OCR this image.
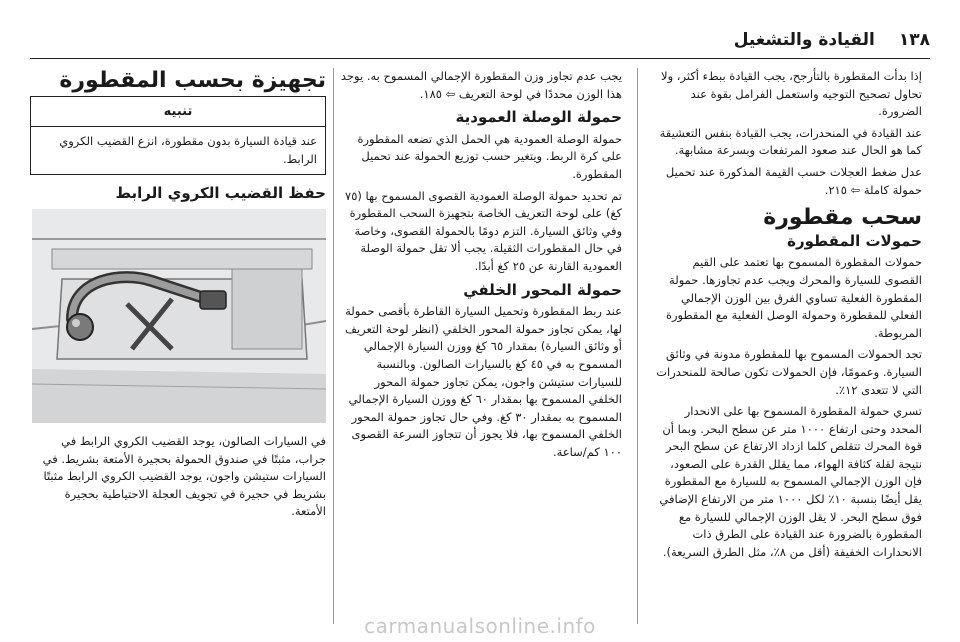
١٣٨
القيادة والتشغيل

إذا بدأت المقطورة بالتأرجح، يجب القيادة ببطء أكثر، ولا تحاول تصحيح التوجيه واستعمل الفرامل بقوة عند الضرورة.

عند القيادة في المنحدرات، يجب القيادة بنفس التعشيقة كما هو الحال عند صعود المرتفعات وبسرعة مشابهة.

عدل ضغط العجلات حسب القيمة المذكورة عند تحميل حمولة كاملة ⇦ ٢١٥.

سحب مقطورة
حمولات المقطورة

حمولات المقطورة المسموح بها تعتمد على القيم القصوى للسيارة والمحرك ويجب عدم تجاوزها. حمولة المقطورة الفعلية تساوي الفرق بين الوزن الإجمالي الفعلي للمقطورة وحمولة الوصل الفعلية مع المقطورة المربوطة.

تجد الحمولات المسموح بها للمقطورة مدونة في وثائق السيارة. وعمومًا، فإن الحمولات تكون صالحة للمنحدرات التي لا تتعدى ١٢٪.

تسري حمولة المقطورة المسموح بها على الانحدار المحدد وحتى ارتفاع ١٠٠٠ متر عن سطح البحر. وبما أن قوة المحرك تتقلص كلما ازداد الارتفاع عن سطح البحر نتيجة لقلة كثافة الهواء، مما يقلل القدرة على الصعود، فإن الوزن الإجمالي المسموح به للسيارة مع المقطورة يقل أيضًا بنسبة ١٠٪ لكل ١٠٠٠ متر من الارتفاع الإضافي فوق سطح البحر. لا يقل الوزن الإجمالي للسيارة مع المقطورة بالضرورة عند القيادة على الطرق ذات الانحدارات الخفيفة (أقل من ٨٪، مثل الطرق السريعة).

يجب عدم تجاوز وزن المقطورة الإجمالي المسموح به. يوجد هذا الوزن محددًا في لوحة التعريف ⇦ ١٨٥.

حمولة الوصلة العمودية

حمولة الوصلة العمودية هي الحمل الذي تضعه المقطورة على كرة الربط. ويتغير حسب توزيع الحمولة عند تحميل المقطورة.

تم تحديد حمولة الوصلة العمودية القصوى المسموح بها (٧٥ كغ) على لوحة التعريف الخاصة بتجهيزة السحب المقطورة وفي وثائق السيارة. التزم دومًا بالحمولة القصوى، وخاصة في حال المقطورات الثقيلة. يجب ألا تقل حمولة الوصلة العمودية القارنة عن ٢٥ كغ أبدًا.

حمولة المحور الخلفي

عند ربط المقطورة وتحميل السيارة القاطرة بأقصى حمولة لها، يمكن تجاوز حمولة المحور الخلفي (انظر لوحة التعريف أو وثائق السيارة) بمقدار ٦٥ كغ ووزن السيارة الإجمالي المسموح به في ٤٥ كغ بالسيارات الصالون. وبالنسبة للسيارات ستيشن واجون، يمكن تجاوز حمولة المحور الخلفي المسموح بها بمقدار ٦٠ كغ ووزن السيارة الإجمالي المسموح به بمقدار ٣٠ كغ. وفي حال تجاوز حمولة المحور الخلفي المسموح بها، فلا يجوز أن تتجاوز السرعة القصوى ١٠٠ كم/ساعة.

تجهيزة بحسب المقطورة
تنبيه
عند قيادة السيارة بدون مقطورة، انزع القضيب الكروي الرابط.
حفظ القضيب الكروي الرابط

في السيارات الصالون، يوجد القضيب الكروي الرابط في جراب، مثبتًا في صندوق الحمولة بحجيرة الأمتعة بشريط. في السيارات ستيشن واجون، يوجد القضيب الكروي الرابط مثبتًا بشريط في حجيرة في تجويف العجلة الاحتياطية بحجيرة الأمتعة.

carmanualsonline.info
